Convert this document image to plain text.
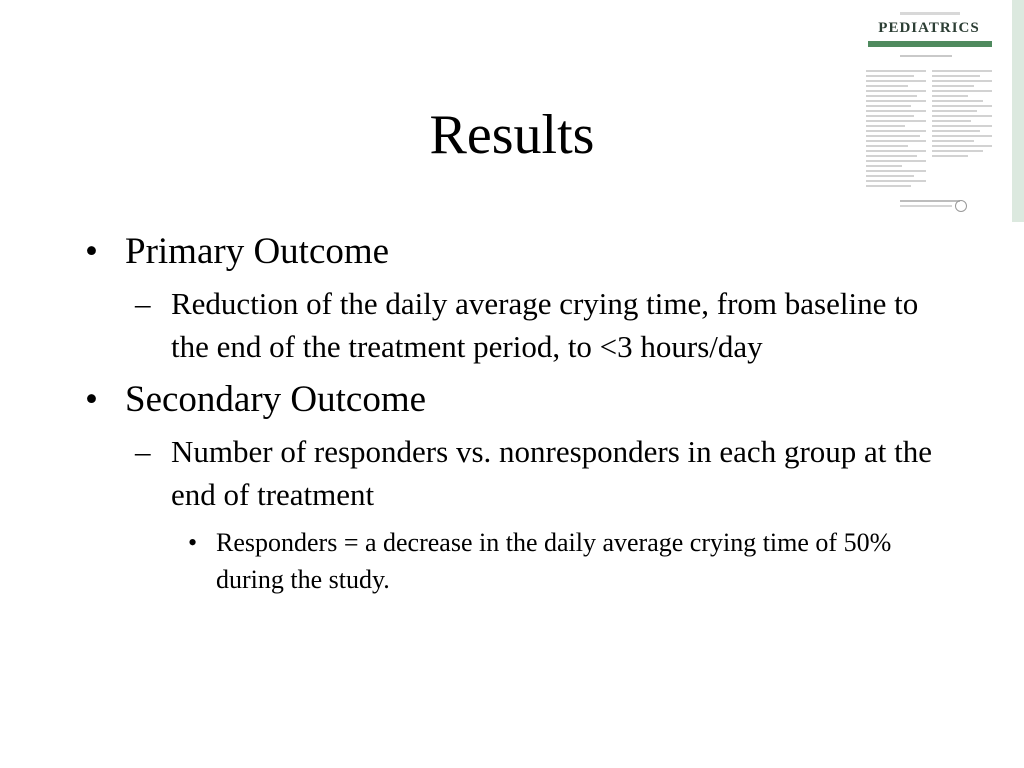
PEDIATRICS
Results
• Primary Outcome
– Reduction of the daily average crying time, from baseline to the end of the treatment period, to <3 hours/day
• Secondary Outcome
– Number of responders vs. nonresponders in each group at the end of treatment
• Responders = a decrease in the daily average crying time of 50% during the study.
